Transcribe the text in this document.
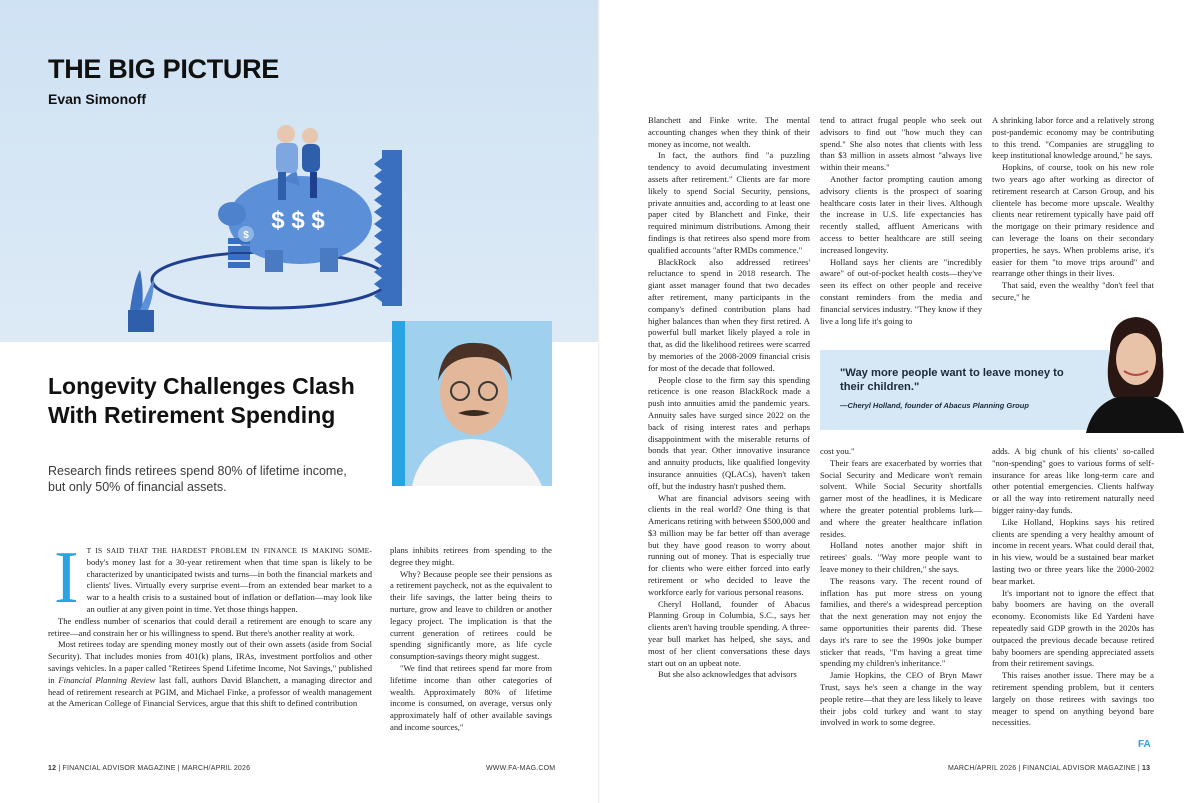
THE BIG PICTURE
Evan Simonoff
$ $ $
$
Longevity Challenges Clash With Retirement Spending
Research finds retirees spend 80% of lifetime income, but only 50% of financial assets.
I	T IS SAID THAT THE HARDEST PROBLEM IN FINANCE IS MAKING SOME- body's money last for a 30-year retirement when that time span is likely to be characterized by unanticipated twists and turns—in both the financial markets and clients' lives. Virtually every surprise event—from an extended bear market to a war to a health crisis to a sustained bout of inflation or deflation—may look like an outlier at any given point in time. Yet those things happen.

The endless number of scenarios that could derail a retirement are enough to scare any retiree—and constrain her or his willingness to spend. But there's another reality at work.

Most retirees today are spending money mostly out of their own assets (aside from Social Security). That includes monies from 401(k) plans, IRAs, investment portfolios and other savings vehicles. In a paper called "Retirees Spend Lifetime Income, Not Savings," published in Financial Planning Review last fall, authors David Blanchett, a managing director and head of retirement research at PGIM, and Michael Finke, a professor of wealth management at the American College of Financial Services, argue that this shift to defined contribution

plans inhibits retirees from spending to the degree they might.

Why? Because people see their pensions as a retirement paycheck, not as the equivalent to their life savings, the latter being theirs to nurture, grow and leave to children or another legacy project. The implication is that the current generation of retirees could be spending significantly more, as life cycle consumption-savings theory might suggest.

"We find that retirees spend far more from lifetime income than other categories of wealth. Approximately 80% of lifetime income is consumed, on average, versus only approximately half of other available savings and income sources,"

12 | FINANCIAL ADVISOR MAGAZINE | MARCH/APRIL 2026	WWW.FA-MAG.COM

Blanchett and Finke write. The mental accounting changes when they think of their money as income, not wealth.

In fact, the authors find "a puzzling tendency to avoid decumulating investment assets after retirement." Clients are far more likely to spend Social Security, pensions, private annuities and, according to at least one paper cited by Blanchett and Finke, their required minimum distributions. Among their findings is that retirees also spend more from qualified accounts "after RMDs commence."

BlackRock also addressed retirees' reluctance to spend in 2018 research. The giant asset manager found that two decades after retirement, many participants in the company's defined contribution plans had higher balances than when they first retired. A powerful bull market likely played a role in that, as did the likelihood retirees were scarred by memories of the 2008-2009 financial crisis for most of the decade that followed.

People close to the firm say this spending reticence is one reason BlackRock made a push into annuities amid the pandemic years. Annuity sales have surged since 2022 on the back of rising interest rates and perhaps disappointment with the miserable returns of bonds that year. Other innovative insurance and annuity products, like qualified longevity insurance annuities (QLACs), haven't taken off, but the industry hasn't pushed them.

What are financial advisors seeing with clients in the real world? One thing is that Americans retiring with between $500,000 and $3 million may be far better off than average but they have good reason to worry about running out of money. That is especially true for clients who were either forced into early retirement or who decided to leave the workforce early for various personal reasons.

Cheryl Holland, founder of Abacus Planning Group in Columbia, S.C., says her clients aren't having trouble spending. A three-year bull market has helped, she says, and most of her client conversations these days start out on an upbeat note.

But she also acknowledges that advisors

tend to attract frugal people who seek out advisors to find out "how much they can spend." She also notes that clients with less than $3 million in assets almost "always live within their means."

Another factor prompting caution among advisory clients is the prospect of soaring healthcare costs later in their lives. Although the increase in U.S. life expectancies has recently stalled, affluent Americans with access to better healthcare are still seeing increased longevity.

Holland says her clients are "incredibly aware" of out-of-pocket health costs—they've seen its effect on other people and receive constant reminders from the media and financial services industry. "They know if they live a long life it's going to

A shrinking labor force and a relatively strong post-pandemic economy may be contributing to this trend. "Companies are struggling to keep institutional knowledge around," he says.

Hopkins, of course, took on his new role two years ago after working as director of retirement research at Carson Group, and his clientele has become more upscale. Wealthy clients near retirement typically have paid off the mortgage on their primary residence and can leverage the loans on their secondary properties, he says. When problems arise, it's easier for them "to move trips around" and rearrange other things in their lives.

That said, even the wealthy "don't feel that secure," he

"Way more people want to leave money to their children."
—Cheryl Holland, founder of Abacus Planning Group

cost you."

Their fears are exacerbated by worries that Social Security and Medicare won't remain solvent. While Social Security shortfalls garner most of the headlines, it is Medicare where the greater potential problems lurk—and where the greater healthcare inflation resides.

Holland notes another major shift in retirees' goals. "Way more people want to leave money to their children," she says.

The reasons vary. The recent round of inflation has put more stress on young families, and there's a widespread perception that the next generation may not enjoy the same opportunities their parents did. These days it's rare to see the 1990s joke bumper sticker that reads, "I'm having a great time spending my children's inheritance."

Jamie Hopkins, the CEO of Bryn Mawr Trust, says he's seen a change in the way people retire—that they are less likely to leave their jobs cold turkey and want to stay involved in work to some degree.

adds. A big chunk of his clients' so-called "non-spending" goes to various forms of self-insurance for areas like long-term care and other potential emergencies. Clients halfway or all the way into retirement naturally need bigger rainy-day funds.

Like Holland, Hopkins says his retired clients are spending a very healthy amount of income in recent years. What could derail that, in his view, would be a sustained bear market lasting two or three years like the 2000-2002 bear market.

It's important not to ignore the effect that baby boomers are having on the overall economy. Economists like Ed Yardeni have repeatedly said GDP growth in the 2020s has outpaced the previous decade because retired baby boomers are spending appreciated assets from their retirement savings.

This raises another issue. There may be a retirement spending problem, but it centers largely on those retirees with savings too meager to spend on anything beyond bare necessities.

FA
MARCH/APRIL 2026 | FINANCIAL ADVISOR MAGAZINE | 13
